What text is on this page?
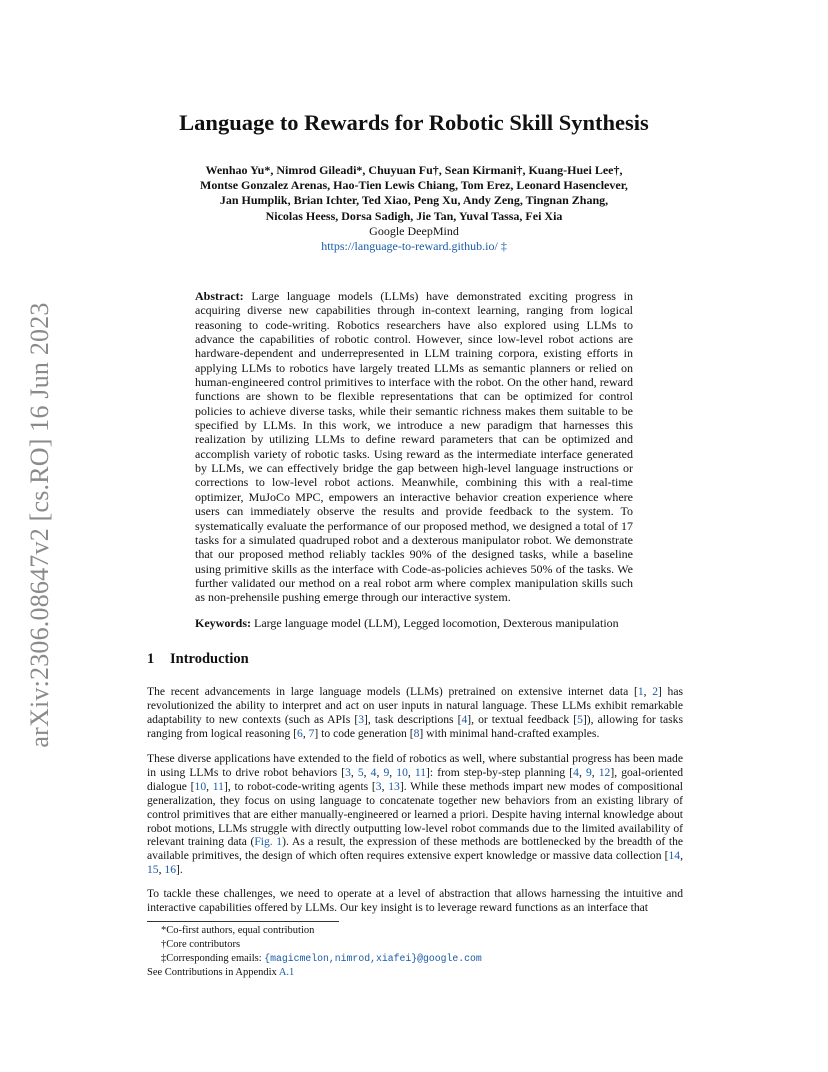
arXiv:2306.08647v2 [cs.RO] 16 Jun 2023
Language to Rewards for Robotic Skill Synthesis
Wenhao Yu*, Nimrod Gileadi*, Chuyuan Fu†, Sean Kirmani†, Kuang-Huei Lee†,
Montse Gonzalez Arenas, Hao-Tien Lewis Chiang, Tom Erez, Leonard Hasenclever,
Jan Humplik, Brian Ichter, Ted Xiao, Peng Xu, Andy Zeng, Tingnan Zhang,
Nicolas Heess, Dorsa Sadigh, Jie Tan, Yuval Tassa, Fei Xia
Google DeepMind
https://language-to-reward.github.io/ ‡

Abstract: Large language models (LLMs) have demonstrated exciting progress in acquiring diverse new capabilities through in-context learning, ranging from logical reasoning to code-writing. Robotics researchers have also explored using LLMs to advance the capabilities of robotic control. However, since low-level robot actions are hardware-dependent and underrepresented in LLM training corpora, existing efforts in applying LLMs to robotics have largely treated LLMs as semantic planners or relied on human-engineered control primitives to interface with the robot. On the other hand, reward functions are shown to be flexible representations that can be optimized for control policies to achieve diverse tasks, while their semantic richness makes them suitable to be specified by LLMs. In this work, we introduce a new paradigm that harnesses this realization by utilizing LLMs to define reward parameters that can be optimized and accomplish variety of robotic tasks. Using reward as the intermediate interface generated by LLMs, we can effectively bridge the gap between high-level language instructions or corrections to low-level robot actions. Meanwhile, combining this with a real-time optimizer, MuJoCo MPC, empowers an interactive behavior creation experience where users can immediately observe the results and provide feedback to the system. To systematically evaluate the performance of our proposed method, we designed a total of 17 tasks for a simulated quadruped robot and a dexterous manipulator robot. We demonstrate that our proposed method reliably tackles 90% of the designed tasks, while a baseline using primitive skills as the interface with Code-as-policies achieves 50% of the tasks. We further validated our method on a real robot arm where complex manipulation skills such as non-prehensile pushing emerge through our interactive system.

Keywords: Large language model (LLM), Legged locomotion, Dexterous manipulation

1 Introduction

The recent advancements in large language models (LLMs) pretrained on extensive internet data [1, 2] has revolutionized the ability to interpret and act on user inputs in natural language. These LLMs exhibit remarkable adaptability to new contexts (such as APIs [3], task descriptions [4], or textual feedback [5]), allowing for tasks ranging from logical reasoning [6, 7] to code generation [8] with minimal hand-crafted examples.

These diverse applications have extended to the field of robotics as well, where substantial progress has been made in using LLMs to drive robot behaviors [3, 5, 4, 9, 10, 11]: from step-by-step planning [4, 9, 12], goal-oriented dialogue [10, 11], to robot-code-writing agents [3, 13]. While these methods impart new modes of compositional generalization, they focus on using language to concatenate together new behaviors from an existing library of control primitives that are either manually-engineered or learned a priori. Despite having internal knowledge about robot motions, LLMs struggle with directly outputting low-level robot commands due to the limited availability of relevant training data (Fig. 1). As a result, the expression of these methods are bottlenecked by the breadth of the available primitives, the design of which often requires extensive expert knowledge or massive data collection [14, 15, 16].

To tackle these challenges, we need to operate at a level of abstraction that allows harnessing the intuitive and interactive capabilities offered by LLMs. Our key insight is to leverage reward functions as an interface that

*Co-first authors, equal contribution

†Core contributors

‡Corresponding emails: {magicmelon,nimrod,xiafei}@google.com

See Contributions in Appendix A.1
